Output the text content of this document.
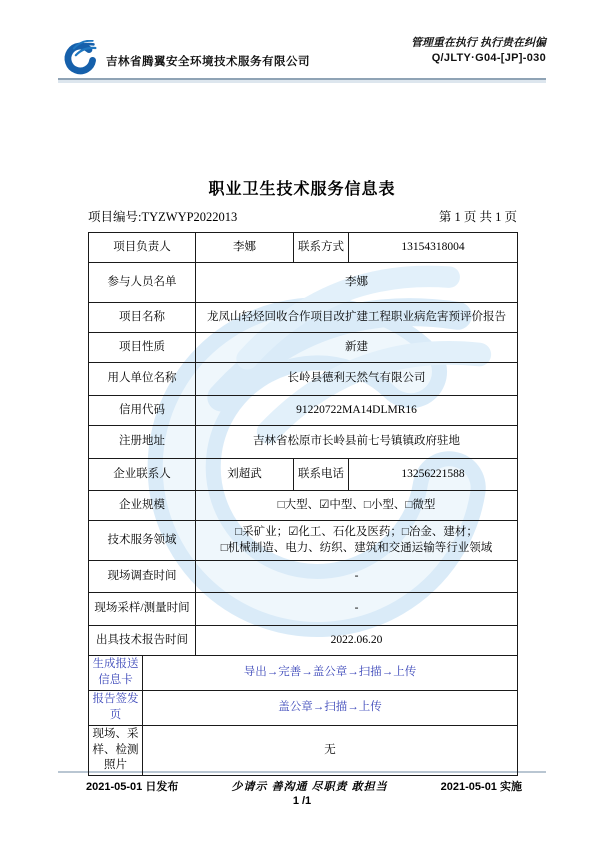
吉林省腾翼安全环境技术服务有限公司
管理重在执行 执行贵在纠偏
Q/JLTY·G04-[JP]-030
职业卫生技术服务信息表
项目编号:TYZWYP2022013	第 1 页 共 1 页
项目负责人		李娜	联系方式	13154318004
参与人员名单		李娜		
项目名称		龙凤山轻烃回收合作项目改扩建工程职业病危害预评价报告		
项目性质		新建		
用人单位名称		长岭县德利天然气有限公司		
信用代码		91220722MA14DLMR16		
注册地址		吉林省松原市长岭县前七号镇镇政府驻地		
企业联系人		刘超武	联系电话	13256221588
企业规模		□大型、☑中型、□小型、□微型		
技术服务领域		□采矿业；☑化工、石化及医药；□冶金、建材；
□机械制造、电力、纺织、建筑和交通运输等行业领域		

现场调查时间		-		
现场采样/测量时间		-		
出具技术报告时间		2022.06.20		
生成报送信息卡	导出→完善→盖公章→扫描→上传			
报告签发页	盖公章→扫描→上传			
现场、采样、检测照片	无			
2021-05-01 日发布	少请示 善沟通 尽职责 敢担当	2021-05-01 实施
1 /1
